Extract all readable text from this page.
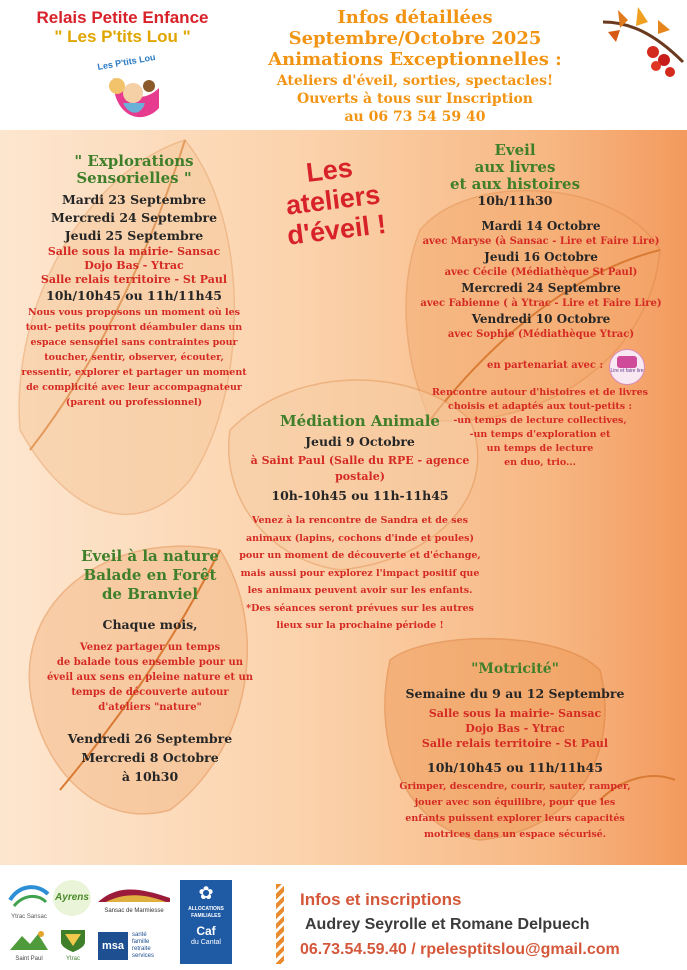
Relais Petite Enfance
" Les P'tits Lou "
Les P'tits Lou
Infos détaillées
Septembre/Octobre 2025
Animations Exceptionnelles :
Ateliers d'éveil, sorties, spectacles!
Ouverts à tous sur Inscription
au 06 73 54 59 40
Les
ateliers
d'éveil !
" Explorations
Sensorielles "
Mardi 23 Septembre
Mercredi 24 Septembre
Jeudi 25 Septembre
Salle sous la mairie- Sansac
Dojo Bas - Ytrac
Salle relais territoire - St Paul
10h/10h45 ou 11h/11h45
Nous vous proposons un moment où les
tout- petits pourront déambuler dans un
espace sensoriel sans contraintes pour
toucher, sentir, observer, écouter,
ressentir, explorer et partager un moment
de complicité avec leur accompagnateur
(parent ou professionnel)
Eveil
aux livres
et aux histoires
10h/11h30
Mardi 14 Octobre
avec Maryse (à Sansac - Lire et Faire Lire)
Jeudi 16 Octobre
avec Cécile (Médiathèque St Paul)
Mercredi 24 Septembre
avec Fabienne ( à Ytrac - Lire et Faire Lire)
Vendredi 10 Octobre
avec Sophie (Médiathèque Ytrac)
en partenariat avec : Lire et faire lire
Rencontre autour d'histoires et de livres
choisis et adaptés aux tout-petits :
-un temps de lecture collectives,
-un temps d'exploration et
un temps de lecture
en duo, trio...
Médiation Animale
Jeudi 9 Octobre
à Saint Paul (Salle du RPE - agence
postale)
10h-10h45 ou 11h-11h45
Venez à la rencontre de Sandra et de ses
animaux (lapins, cochons d'inde et poules)
pour un moment de découverte et d'échange,
mais aussi pour explorez l'impact positif que
les animaux peuvent avoir sur les enfants.
*Des séances seront prévues sur les autres
lieux sur la prochaine période !
Eveil à la nature
Balade en Forêt
de Branviel
Chaque mois,
Venez partager un temps
de balade tous ensemble pour un
éveil aux sens en pleine nature et un
temps de découverte autour
d'ateliers "nature"
Vendredi 26 Septembre
Mercredi 8 Octobre
à 10h30
"Motricité"
Semaine du 9 au 12 Septembre
Salle sous la mairie- Sansac
Dojo Bas - Ytrac
Salle relais territoire - St Paul
10h/10h45 ou 11h/11h45
Grimper, descendre, courir, sauter, ramper,
jouer avec son équilibre, pour que les
enfants puissent explorer leurs capacités
motrices dans un espace sécurisé.
Ytrac Sansac
Ayrens
Sansac de Marmiesse
✿
ALLOCATIONS
FAMILIALES
Caf
du Cantal
Saint Paul	Ytrac
msa
santé
famille
retraite
services
Infos et inscriptions
Audrey Seyrolle et Romane Delpuech
06.73.54.59.40 / rpelesptitslou@gmail.com
